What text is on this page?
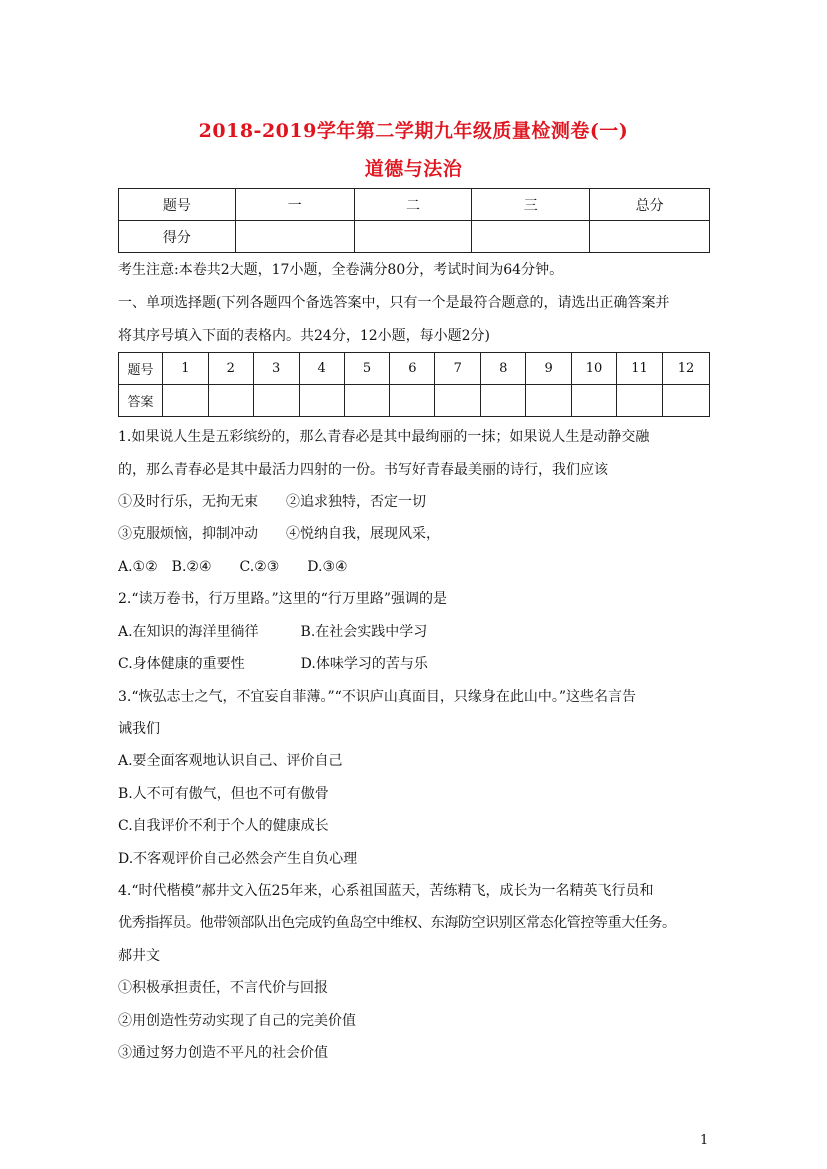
2018-2019学年第二学期九年级质量检测卷(一)
道德与法治
题号	一	二	三	总分
得分				
考生注意:本卷共2大题，17小题，全卷满分80分，考试时间为64分钟。
一、单项选择题(下列各题四个备选答案中，只有一个是最符合题意的，请选出正确答案并
将其序号填入下面的表格内。共24分，12小题，每小题2分)
题号	1	2	3	4	5	6	7	8	9	10	11	12
答案												
1.如果说人生是五彩缤纷的，那么青春必是其中最绚丽的一抹；如果说人生是动静交融
的，那么青春必是其中最活力四射的一份。书写好青春最美丽的诗行，我们应该
①及时行乐，无拘无束　　②追求独特，否定一切
③克服烦恼，抑制冲动　　④悦纳自我，展现风采，
A.①②　B.②④　　C.②③　　D.③④
2.“读万卷书，行万里路。”这里的“行万里路”强调的是
A.在知识的海洋里徜徉　　　B.在社会实践中学习
C.身体健康的重要性　　　　D.体味学习的苦与乐
3.“恢弘志士之气，不宜妄自菲薄。”“不识庐山真面目，只缘身在此山中。”这些名言告
诫我们
A.要全面客观地认识自己、评价自己
B.人不可有傲气，但也不可有傲骨
C.自我评价不利于个人的健康成长
D.不客观评价自己必然会产生自负心理
4.“时代楷模”郝井文入伍25年来，心系祖国蓝天，苦练精飞，成长为一名精英飞行员和
优秀指挥员。他带领部队出色完成钓鱼岛空中维权、东海防空识别区常态化管控等重大任务。
郝井文
①积极承担责任，不言代价与回报
②用创造性劳动实现了自己的完美价值
③通过努力创造不平凡的社会价值
1
